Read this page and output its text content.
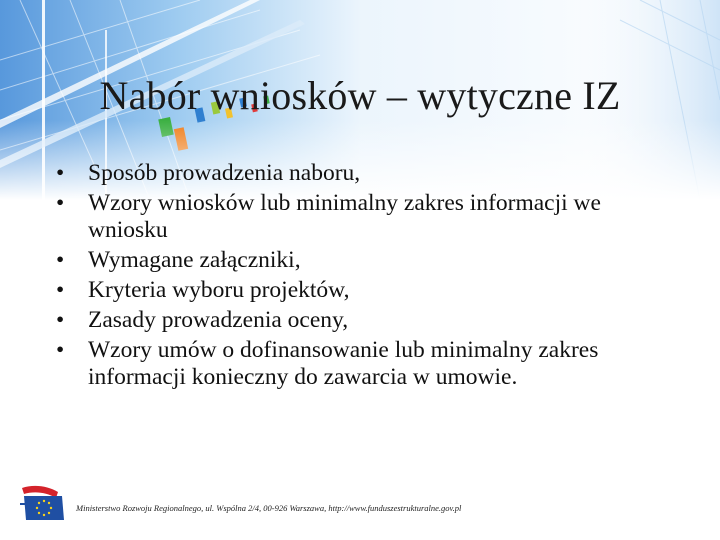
Nabór wniosków – wytyczne IZ
• Sposób prowadzenia naboru,
• Wzory wniosków lub minimalny zakres informacji we wniosku
• Wymagane załączniki,
• Kryteria wyboru projektów,
• Zasady prowadzenia oceny,
• Wzory umów o dofinansowanie lub minimalny zakres informacji konieczny do zawarcia w umowie.
Ministerstwo Rozwoju Regionalnego, ul. Wspólna 2/4, 00-926 Warszawa, http://www.funduszestrukturalne.gov.pl
